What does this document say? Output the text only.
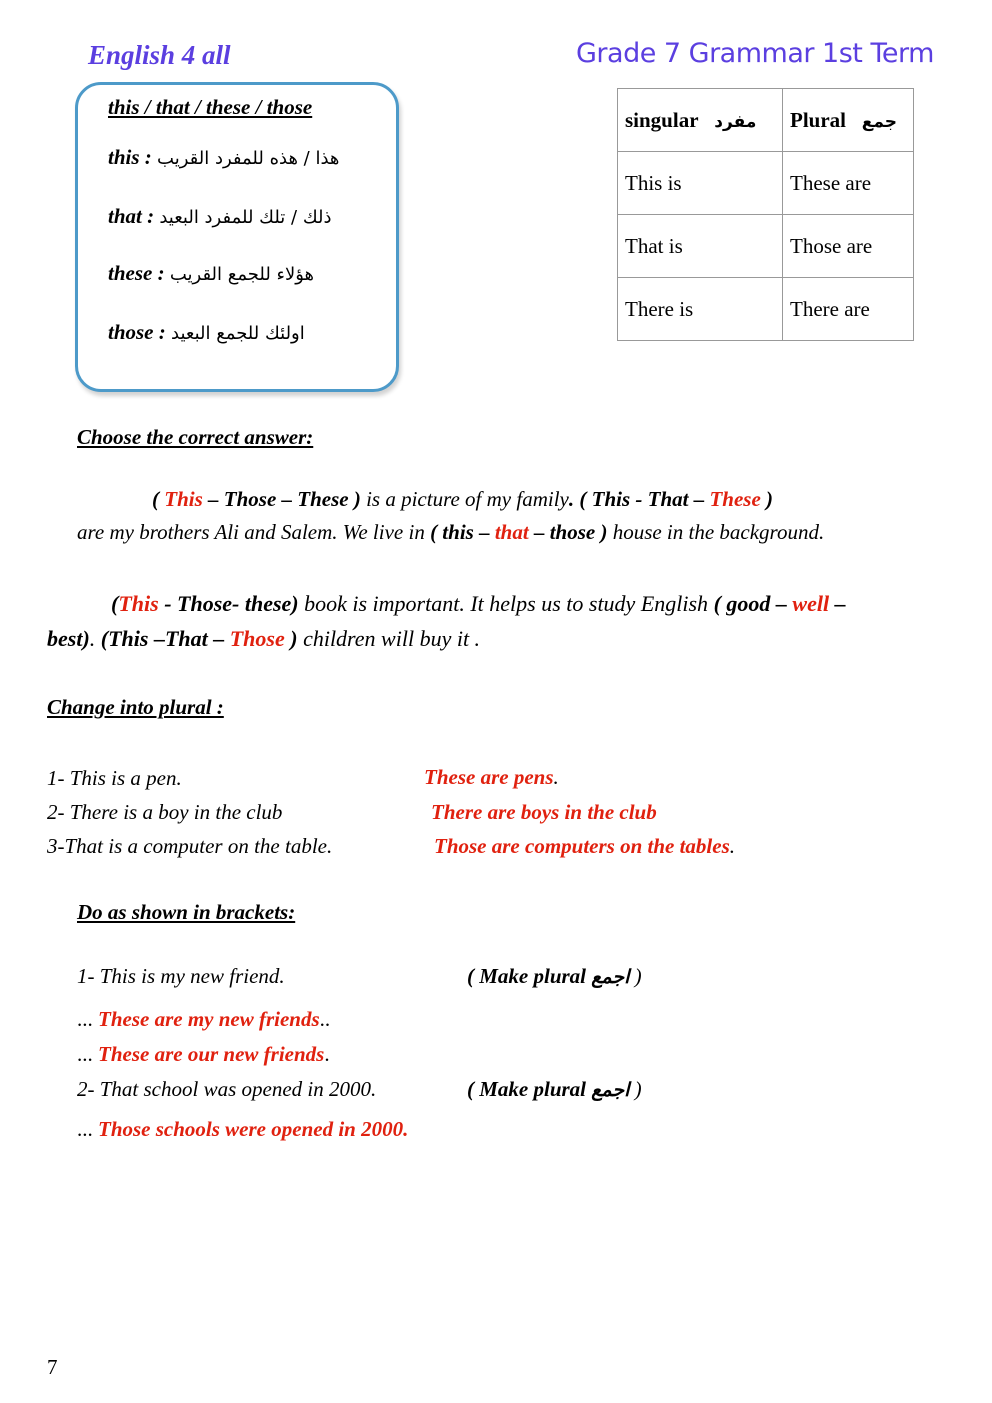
English 4 all	Grade 7 Grammar 1st Term
this / that / these / those
this : هذا / هذه للمفرد القريب
that : ذلك / تلك للمفرد البعيد
these : هؤلاء للجمع القريب
those : اولئك للجمع البعيد
singular مفرد	Plural جمع
This is	These are
That is	Those are
There is	There are
Choose the correct answer:
( This – Those – These ) is a picture of my family. ( This - That – These )
are my brothers Ali and Salem. We live in ( this – that – those ) house in the background.
(This - Those- these) book is important. It helps us to study English ( good – well –
best). (This –That – Those ) children will buy it .
Change into plural :
1- This is a pen.	These are pens.
2- There is a boy in the club	There are boys in the club
3-That is a computer on the table.	Those are computers on the tables.
Do as shown in brackets:
1- This is my new friend.	( Make plural اجمع )
... These are my new friends..
... These are our new friends.
2- That school was opened in 2000.	( Make plural اجمع )
... Those schools were opened in 2000.
7
